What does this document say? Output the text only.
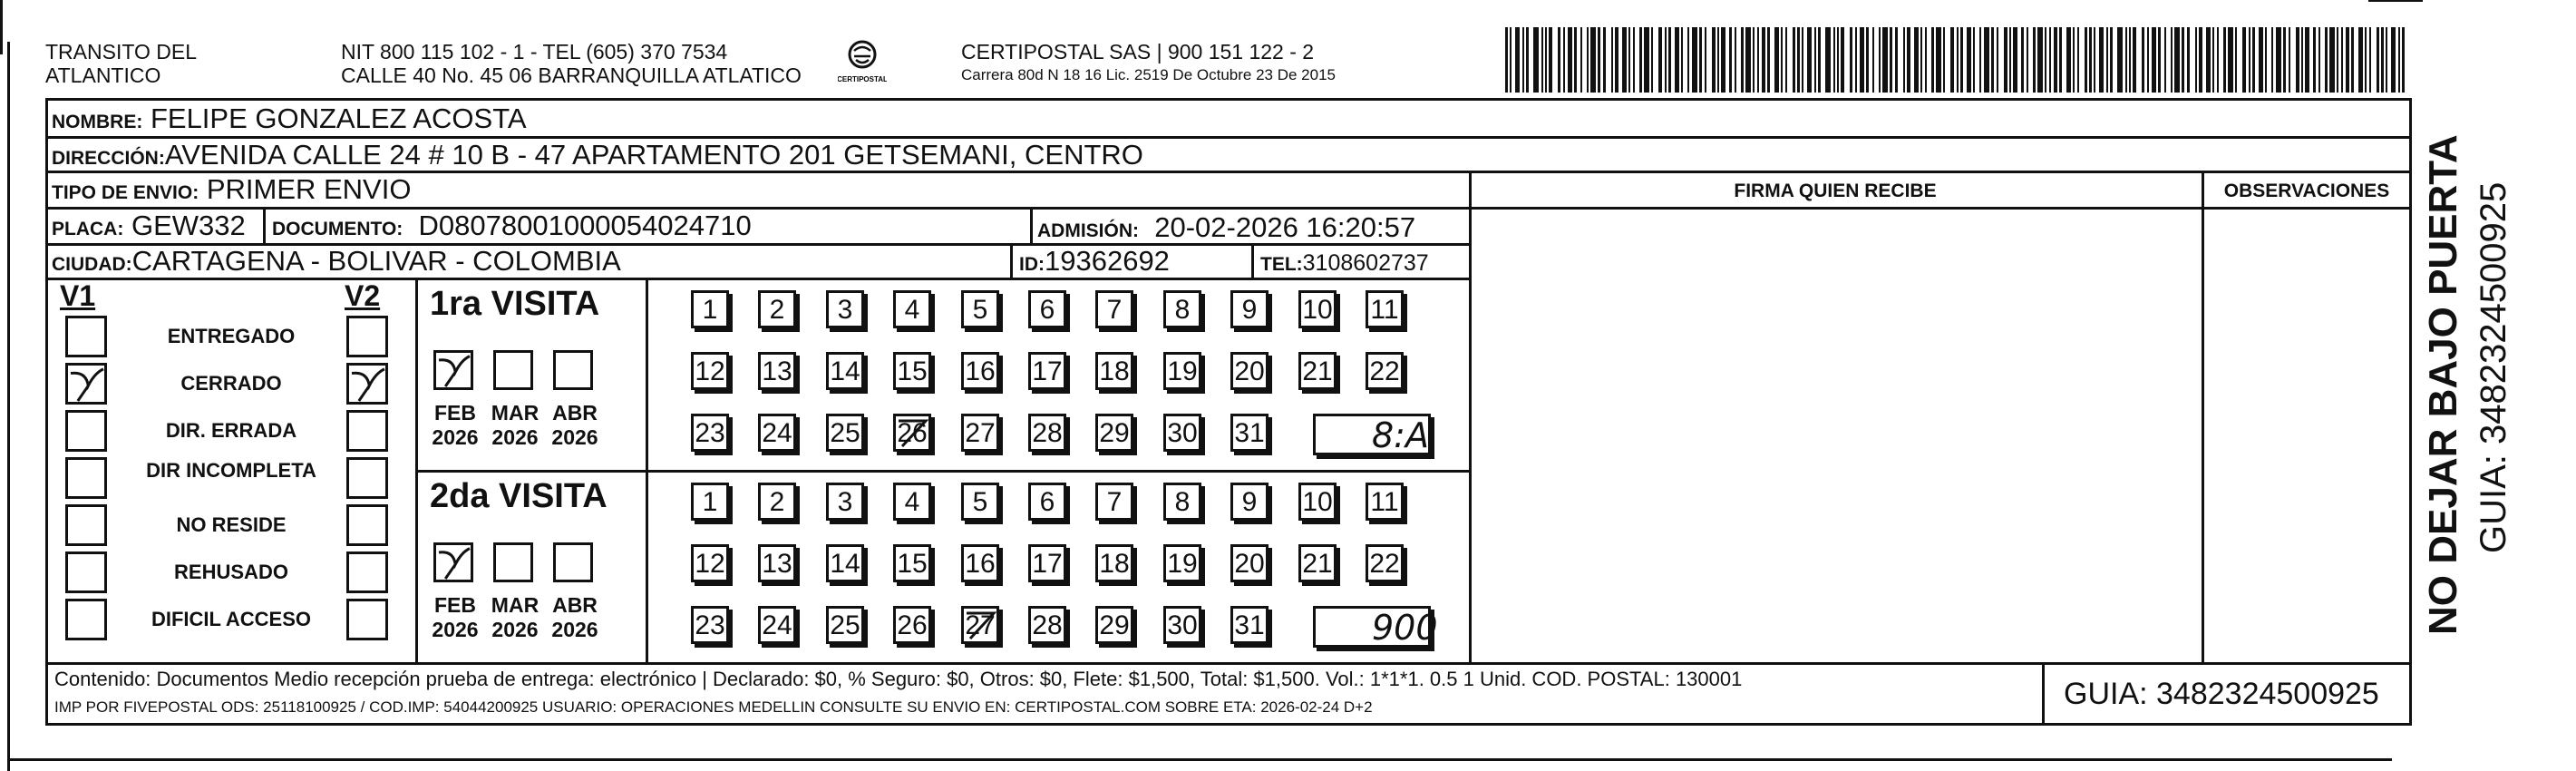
TRANSITO DEL
ATLANTICO
NIT 800 115 102 - 1 - TEL (605) 370 7534
CALLE 40 No. 45 06 BARRANQUILLA ATLATICO	CERTIPOSTAL
CERTIPOSTAL SAS | 900 151 122 - 2
Carrera 80d N 18 16 Lic. 2519 De Octubre 23 De 2015
FIRMA QUIEN RECIBE	OBSERVACIONES
NOMBRE: FELIPE GONZALEZ ACOSTA
DIRECCIÓN:AVENIDA CALLE 24 # 10 B - 47 APARTAMENTO 201 GETSEMANI, CENTRO
TIPO DE ENVIO: PRIMER ENVIO
PLACA: GEW332 DOCUMENTO: D08078001000054024710	ADMISIÓN: 20-02-2026 16:20:57
CIUDAD:CARTAGENA - BOLIVAR - COLOMBIA	ID:19362692	TEL:3108602737
V1	V2
ENTREGADO
CERRADO
DIR. ERRADA
DIR INCOMPLETA
NO RESIDE
REHUSADO
DIFICIL ACCESO
1ra VISITA
FEB
2026
MAR
2026
ABR
2026
1	2	3	4	5	6	7	8	9	10 11
12 13 14 15 16 17 18 19 20 21 22
23 24 25 26 27 28 29 30 31	8:A
2da VISITA
FEB
2026
MAR
2026
ABR
2026
1	2	3	4	5	6	7	8	9	10 11
12 13 14 15 16 17 18 19 20 21 22
23 24 25 26 27 28 29 30 31	900
Contenido: Documentos Medio recepción prueba de entrega: electrónico | Declarado: $0, % Seguro: $0, Otros: $0, Flete: $1,500, Total: $1,500. Vol.: 1*1*1. 0.5 1 Unid. COD. POSTAL: 130001
IMP POR FIVEPOSTAL ODS: 25118100925 / COD.IMP: 54044200925 USUARIO: OPERACIONES MEDELLIN CONSULTE SU ENVIO EN: CERTIPOSTAL.COM SOBRE ETA: 2026-02-24 D+2	GUIA: 3482324500925
NO DEJAR BAJO PUERTA GUIA: 3482324500925
